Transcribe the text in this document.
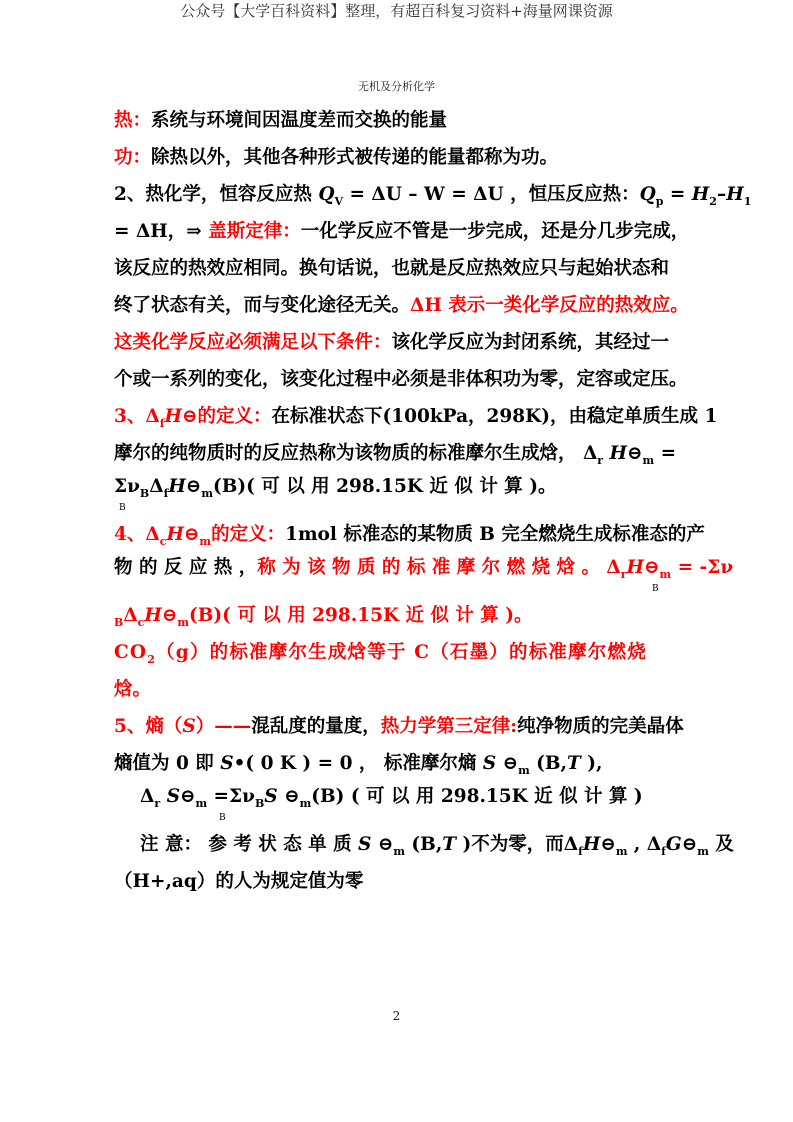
公众号【大学百科资料】整理，有超百科复习资料+海量网课资源
无机及分析化学
热：系统与环境间因温度差而交换的能量
功：除热以外，其他各种形式被传递的能量都称为功。
2、热化学，恒容反应热 $Q_V = \Delta U - W = \Delta U$ ，恒压反应热：$Q_p = H_2-H_1$
= ΔH，⇒ 盖斯定律：一化学反应不管是一步完成，还是分几步完成，
该反应的热效应相同。换句话说，也就是反应热效应只与起始状态和
终了状态有关，而与变化途径无关。ΔH 表示一类化学反应的热效应。
这类化学反应必须满足以下条件：该化学反应为封闭系统，其经过一
个或一系列的变化，该变化过程中必须是非体积功为零，定容或定压。
3、$\Delta_fH⊖$的定义：在标准状态下(100kPa，298K)，由稳定单质生成 1
摩尔的纯物质时的反应热称为该物质的标准摩尔生成焓， $\Delta_r$ $H⊖_m$ =
$\Sigma\nu_B\Delta_fH⊖_m(B)$( 可 以 用 298.15K 近 似 计 算 )。
B
4、$\Delta_cH⊖_m$的定义：1mol 标准态的某物质 B 完全燃烧生成标准态的产
物 的 反 应 热 ，称 为 该 物 质 的 标 准 摩 尔 燃 烧 焓 。 $\Delta_rH⊖_m = -\Sigma\nu$
B
$_B\Delta_cH⊖_m(B)$( 可 以 用 298.15K 近 似 计 算 )。
$CO_2(g)$的标准摩尔生成焓等于 C（石墨）的标准摩尔燃烧
焓。
5、熵（S）——混乱度的量度，热力学第三定律:纯净物质的完美晶体
熵值为 0 即 S•( 0 K ) = 0 ， 标准摩尔熵 S $⊖_m$ (B,T ),
$\Delta_r$ $S⊖_m =\Sigma\nu_BS$ $⊖_m(B)$ ( 可 以 用 298.15K 近 似 计 算 )
B
注 意： 参 考 状 态 单 质 S $⊖_m$ (B,T )不为零，而$\Delta_fH⊖_m$ , $\Delta_fG⊖_m$ 及
（H+,aq）的人为规定值为零
2
